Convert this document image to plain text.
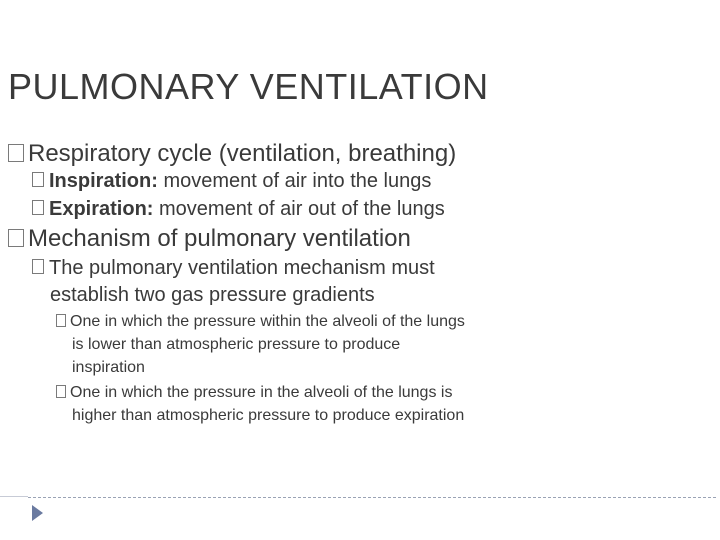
PULMONARY VENTILATION
Respiratory cycle (ventilation, breathing)
Inspiration: movement of air into the lungs
Expiration: movement of air out of the lungs
Mechanism of pulmonary ventilation
The pulmonary ventilation mechanism must
establish two gas pressure gradients
One in which the pressure within the alveoli of the lungs
is lower than atmospheric pressure to produce
inspiration
One in which the pressure in the alveoli of the lungs is
higher than atmospheric pressure to produce expiration
